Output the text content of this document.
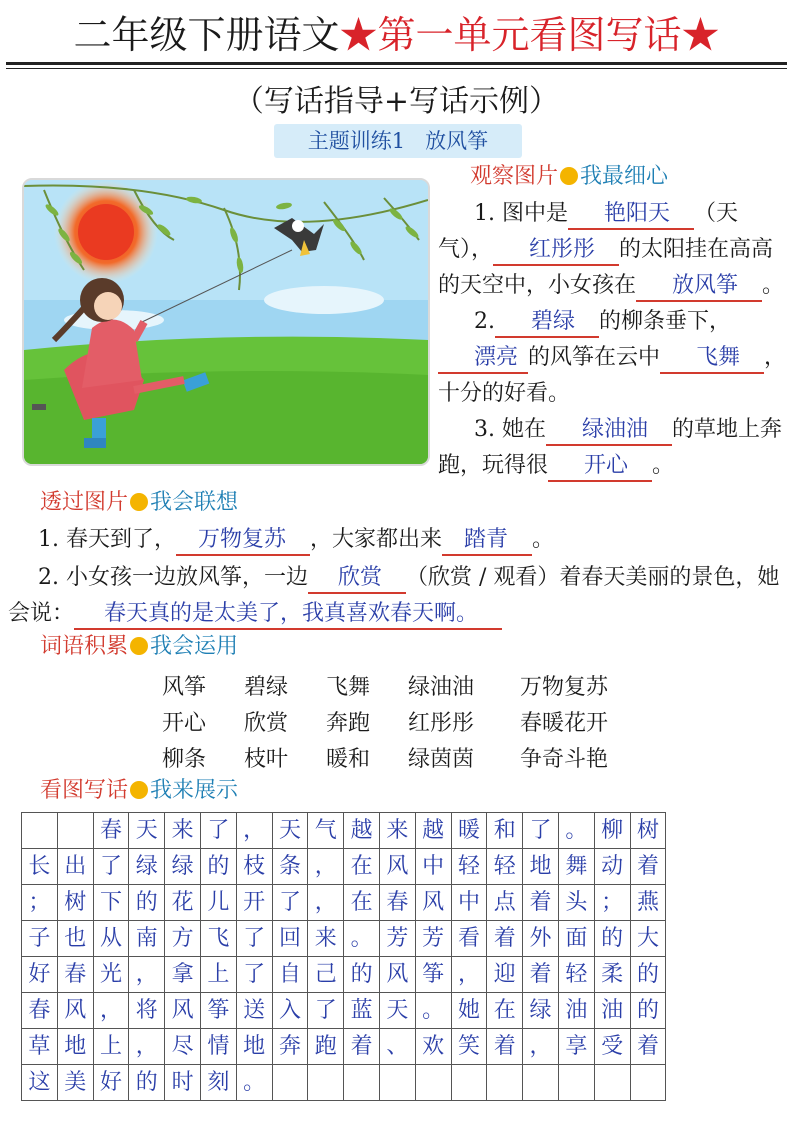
二年级下册语文★第一单元看图写话★
（写话指导+写话示例）
主题训练1   放风筝
观察图片 我最细心
1. 图中是 艳阳天 （天气）， 红彤彤 的太阳挂在高高的天空中，小女孩在 放风筝 。
2. 碧绿 的柳条垂下，漂亮 的风筝在云中 飞舞 ，十分的好看。
3. 她在 绿油油 的草地上奔跑，玩得很 开心 。
透过图片 我会联想
1. 春天到了， 万物复苏 ，大家都出来 踏青 。
2. 小女孩一边放风筝，一边 欣赏 （欣赏 / 观看）着春天美丽的景色，她会说： 春天真的是太美了，我真喜欢春天啊。
词语积累 我会运用
风筝	碧绿	飞舞	绿油油	万物复苏
开心	欣赏	奔跑	红彤彤	春暖花开
柳条	枝叶	暖和	绿茵茵	争奇斗艳
看图写话 我来展示
		春	天	来	了	，	天	气	越	来	越	暖	和	了	。	柳	树
长	出	了	绿	绿	的	枝	条	，	在	风	中	轻	轻	地	舞	动	着
；	树	下	的	花	儿	开	了	，	在	春	风	中	点	着	头	；	燕
子	也	从	南	方	飞	了	回	来	。	芳	芳	看	着	外	面	的	大
好	春	光	，	拿	上	了	自	己	的	风	筝	，	迎	着	轻	柔	的
春	风	，	将	风	筝	送	入	了	蓝	天	。	她	在	绿	油	油	的
草	地	上	，	尽	情	地	奔	跑	着	、	欢	笑	着	，	享	受	着
这	美	好	的	时	刻	。											
